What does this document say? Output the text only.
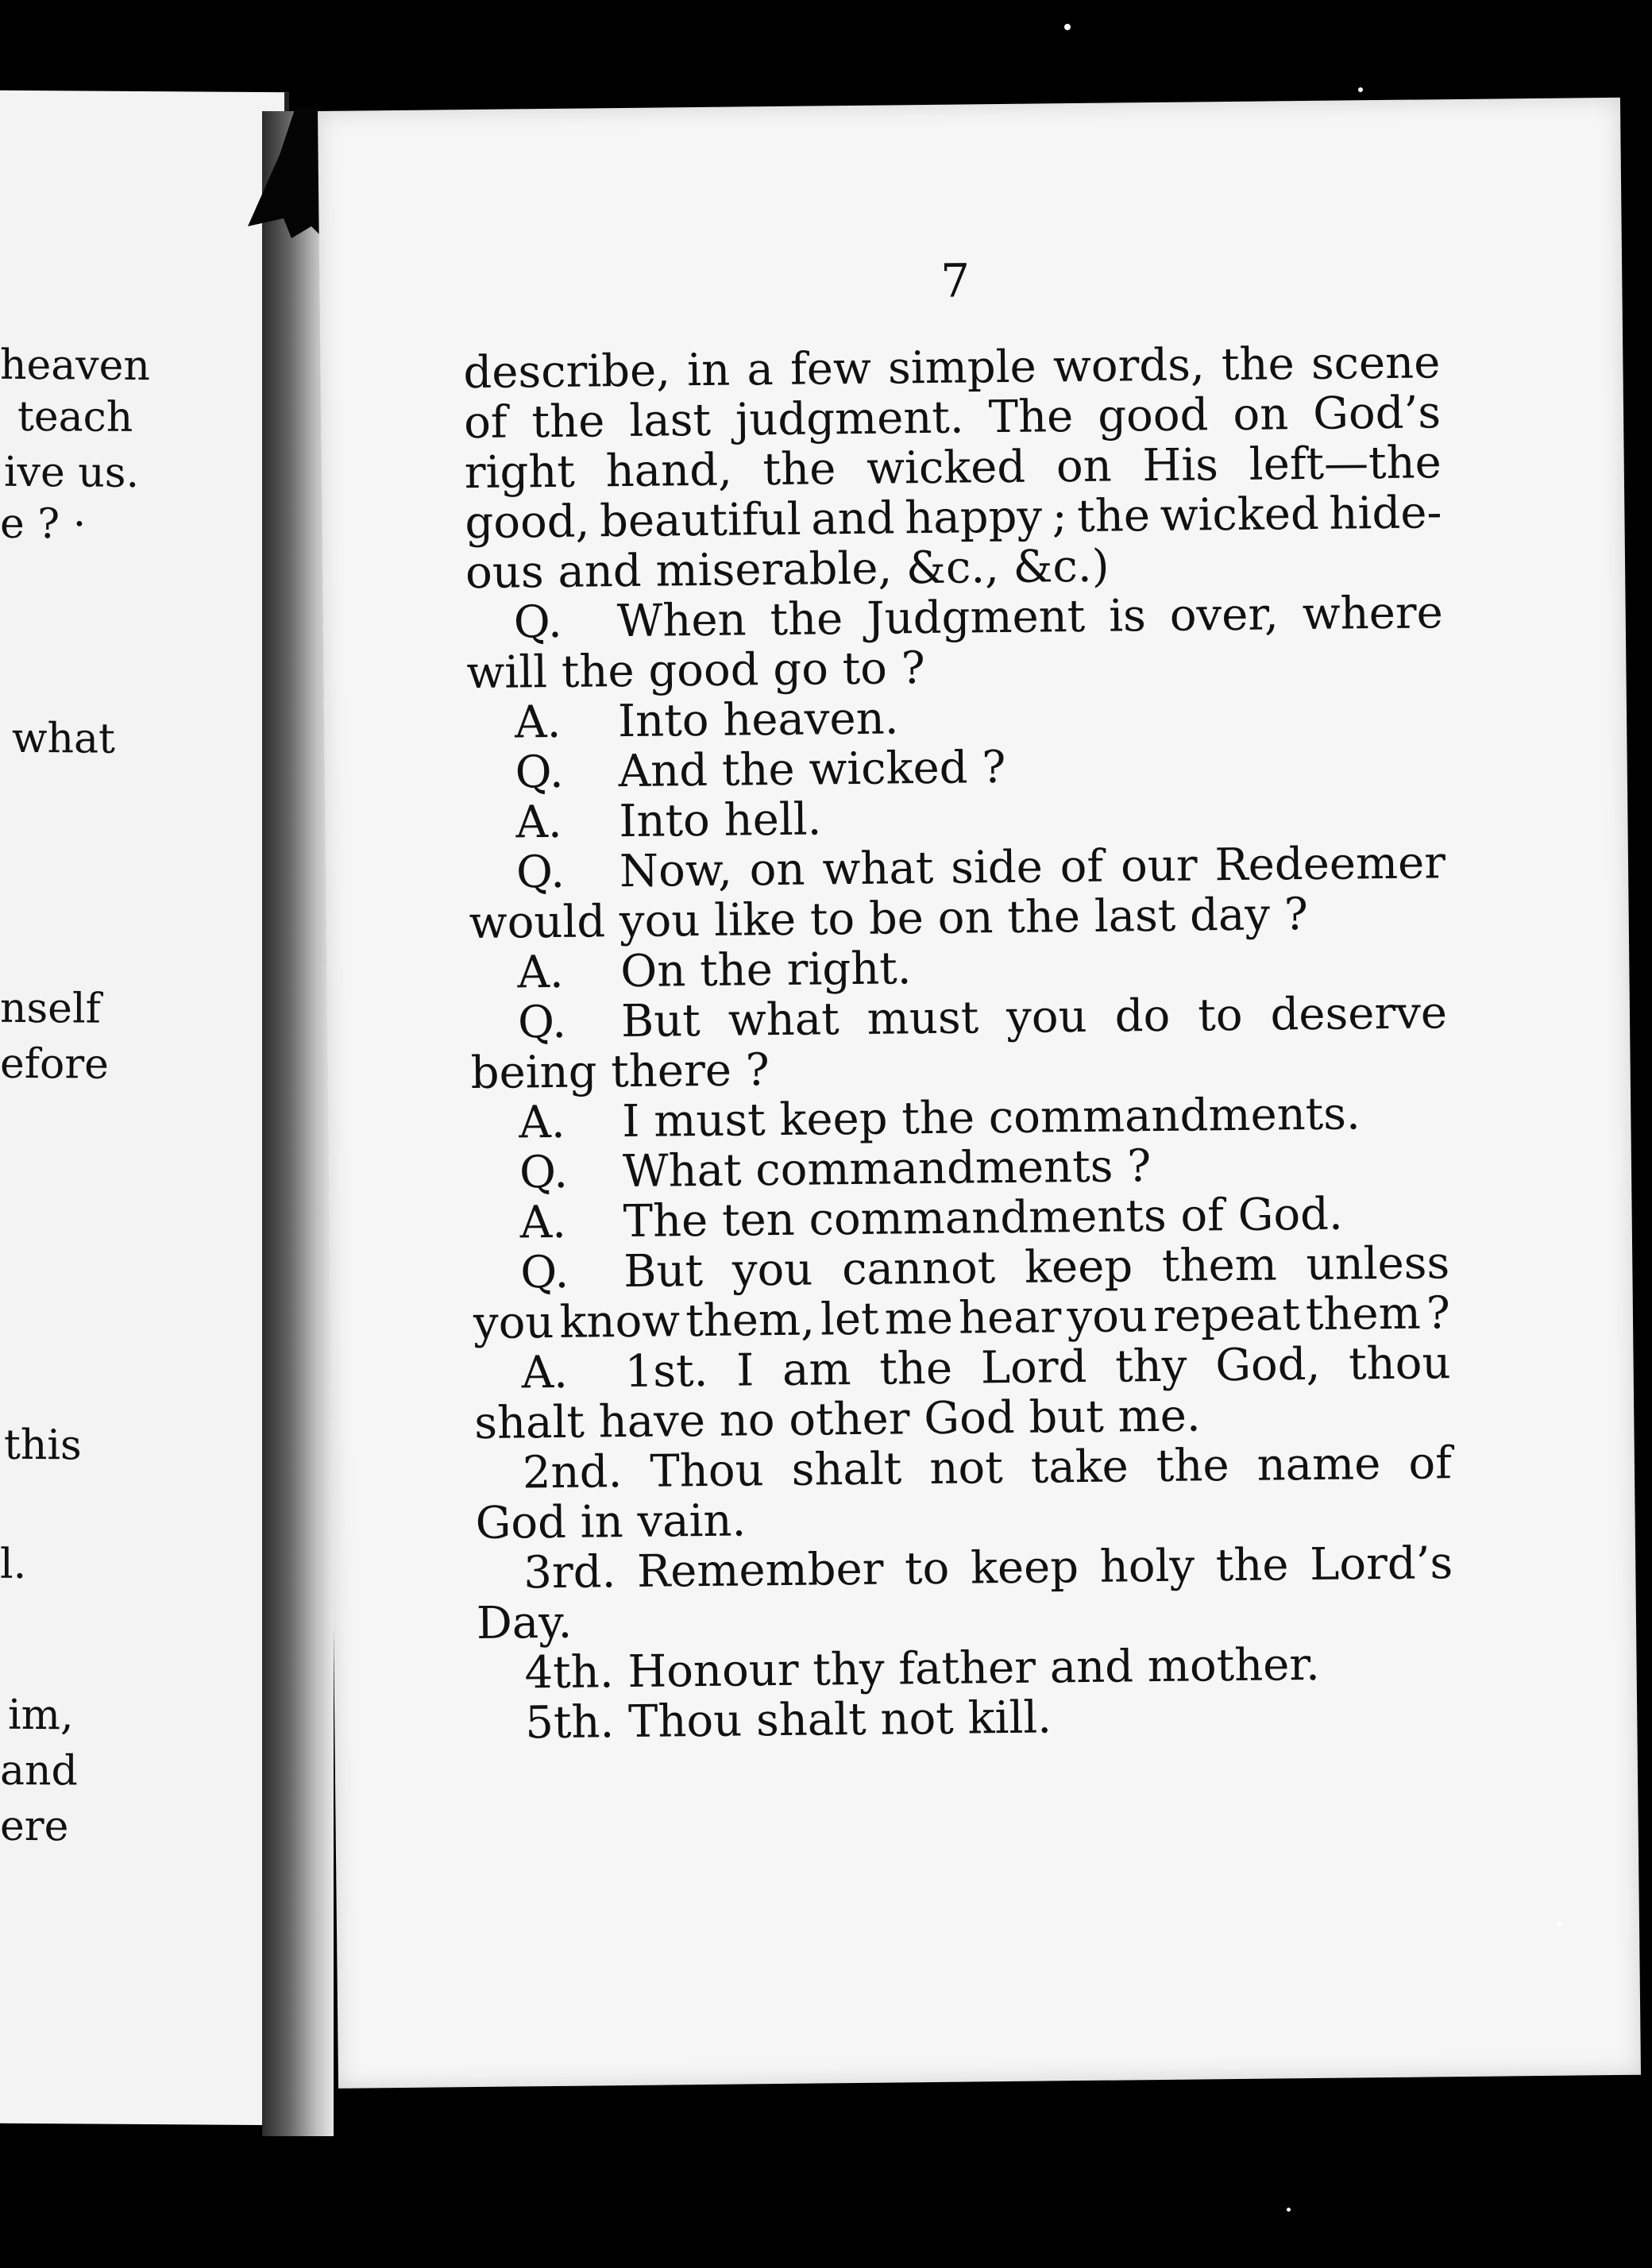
heaven
teach
ive us.
e ? ·
what
nself
efore
this
l.
im,
and
ere
7
describe, in a few simple words, the scene
of the last judgment. The good on God’s
right hand, the wicked on His left—the
good, beautiful and happy ; the wicked hide-
ous and miserable, &c., &c.)
Q.	When the Judgment is over, where
will the good go to ?
A.	Into heaven.
Q.	And the wicked ?
A.	Into hell.
Q.	Now, on what side of our Redeemer
would you like to be on the last day ?
A.	On the right.
Q.	But what must you do to deserve
being there ?
A.	I must keep the commandments.
Q.	What commandments ?
A.	The ten commandments of God.
Q.	But you cannot keep them unless
you know them, let me hear you repeat them ?
A.	1st. I am the Lord thy God, thou
shalt have no other God but me.
2nd. Thou shalt not take the name of
God in vain.
3rd. Remember to keep holy the Lord’s
Day.
4th. Honour thy father and mother.
5th. Thou shalt not kill.
